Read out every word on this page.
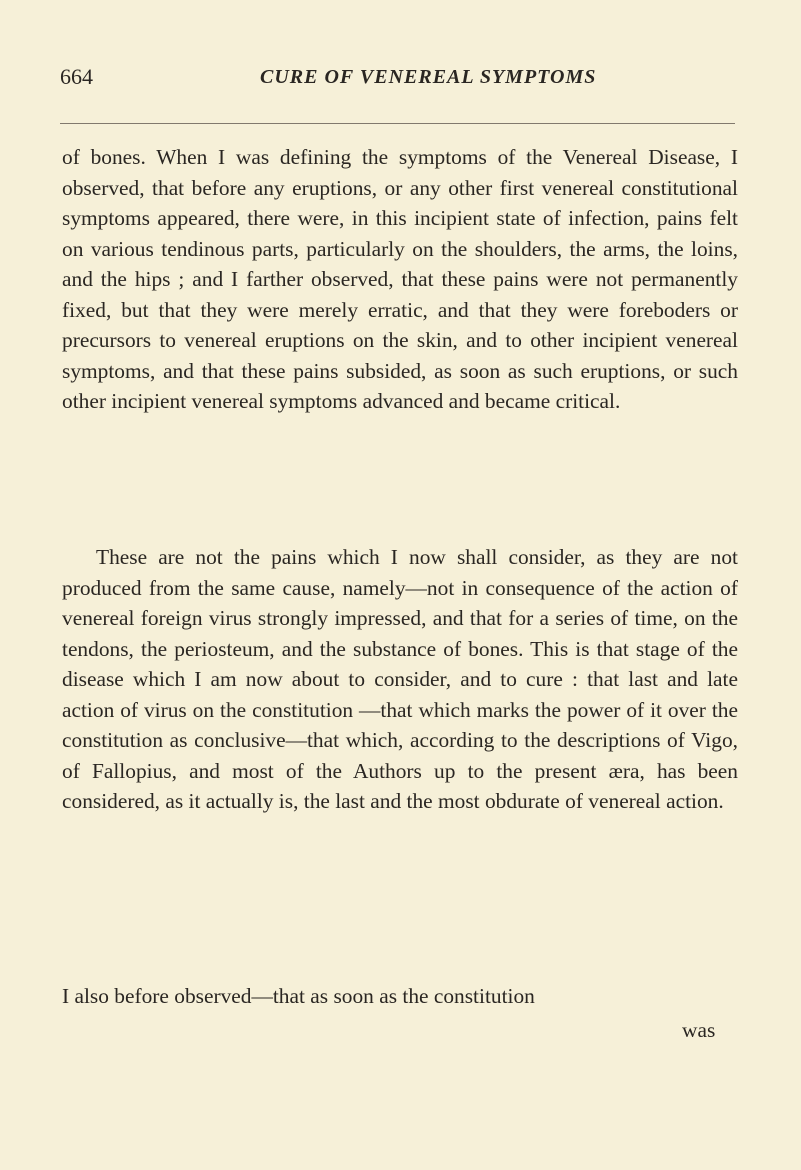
664	CURE OF VENEREAL SYMPTOMS

of bones. When I was defining the symptoms of the Venereal Disease, I observed, that before any eruptions, or any other first venereal constitutional symptoms appeared, there were, in this incipient state of infection, pains felt on various tendinous parts, particularly on the shoulders, the arms, the loins, and the hips ; and I farther observed, that these pains were not permanently fixed, but that they were merely erratic, and that they were foreboders or precursors to venereal eruptions on the skin, and to other incipient venereal symptoms, and that these pains subsided, as soon as such eruptions, or such other incipient venereal symptoms advanced and became critical.

These are not the pains which I now shall consider, as they are not produced from the same cause, namely—not in consequence of the action of venereal foreign virus strongly impressed, and that for a series of time, on the tendons, the periosteum, and the substance of bones. This is that stage of the disease which I am now about to consider, and to cure : that last and late action of virus on the constitution —that which marks the power of it over the constitution as conclusive—that which, according to the descriptions of Vigo, of Fallopius, and most of the Authors up to the present æra, has been considered, as it actually is, the last and the most obdurate of venereal action.

I also before observed—that as soon as the constitution

was
